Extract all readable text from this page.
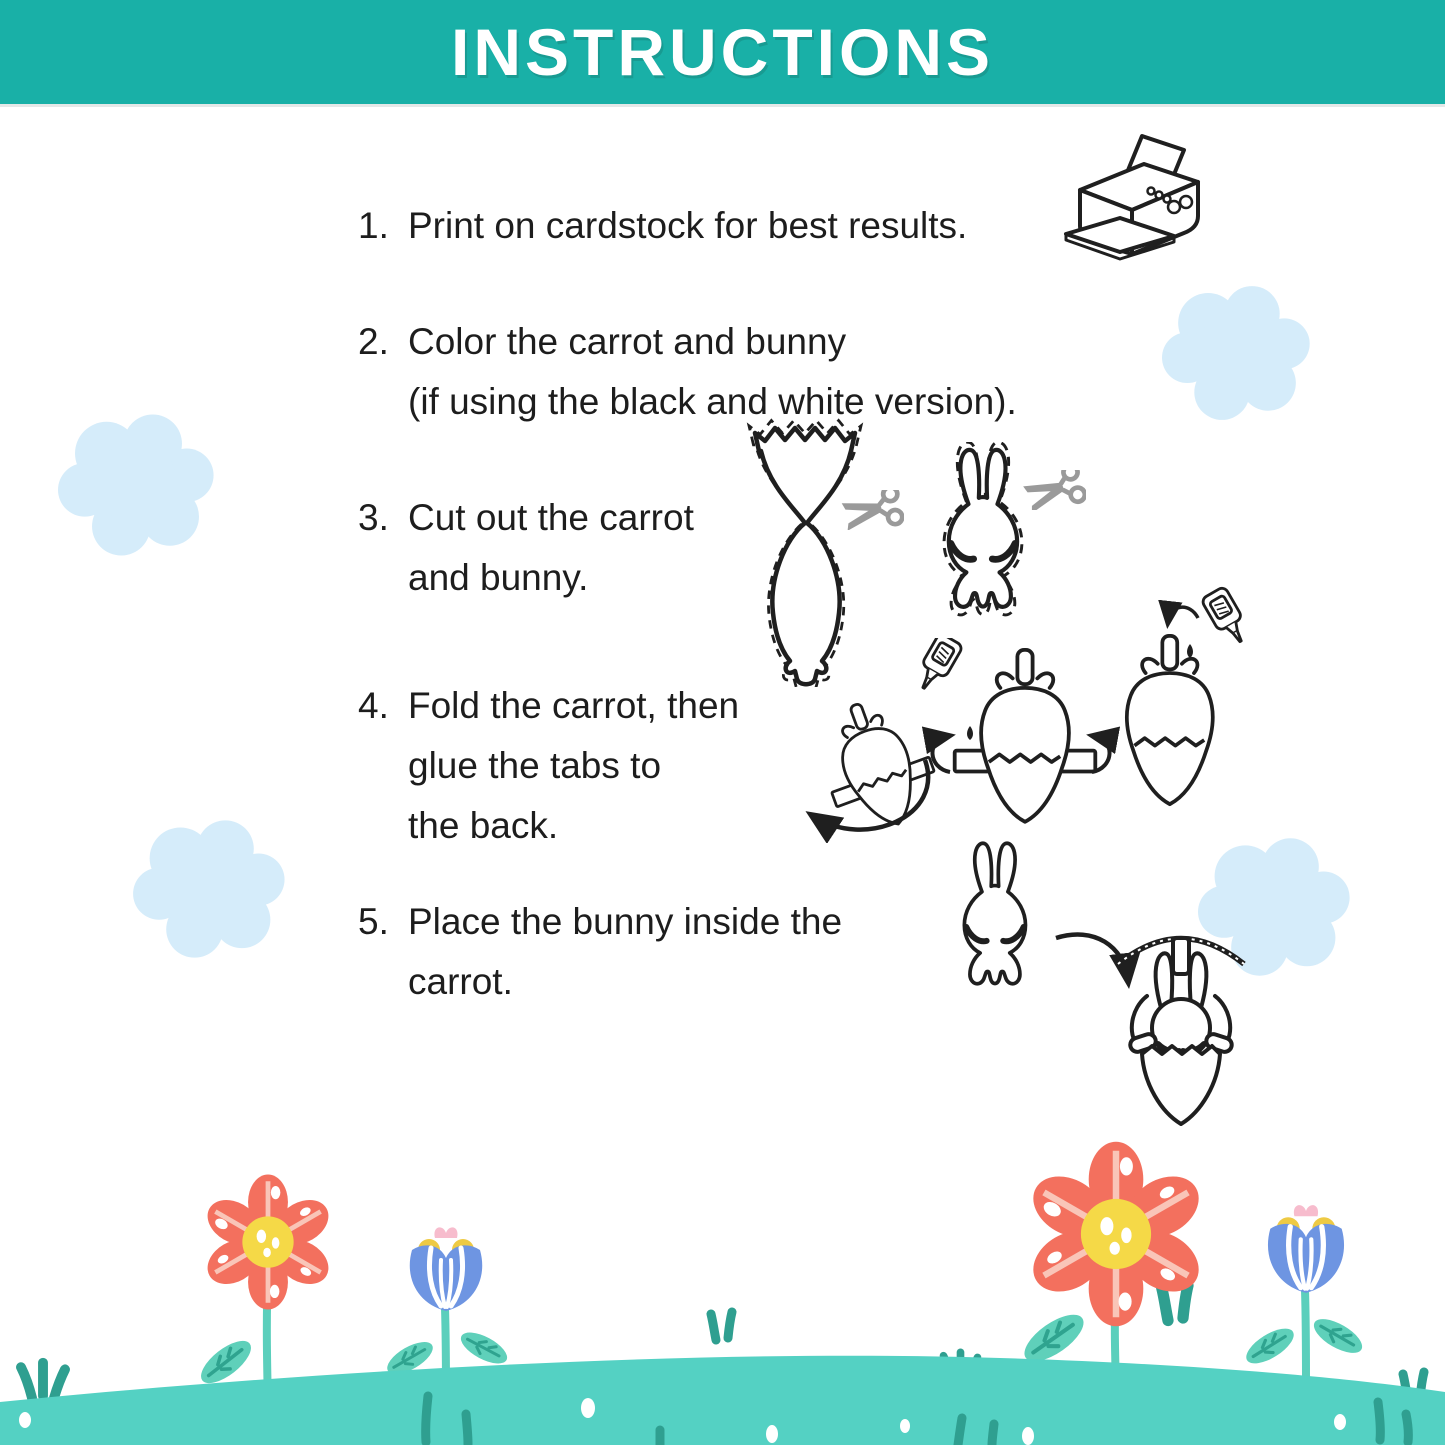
INSTRUCTIONS
1. Print on cardstock for best results.
2. Color the carrot and bunny
(if using the black and white version).
3. Cut out the carrot
and bunny.
4. Fold the carrot, then
glue the tabs to
the back.
5. Place the bunny inside the
carrot.
